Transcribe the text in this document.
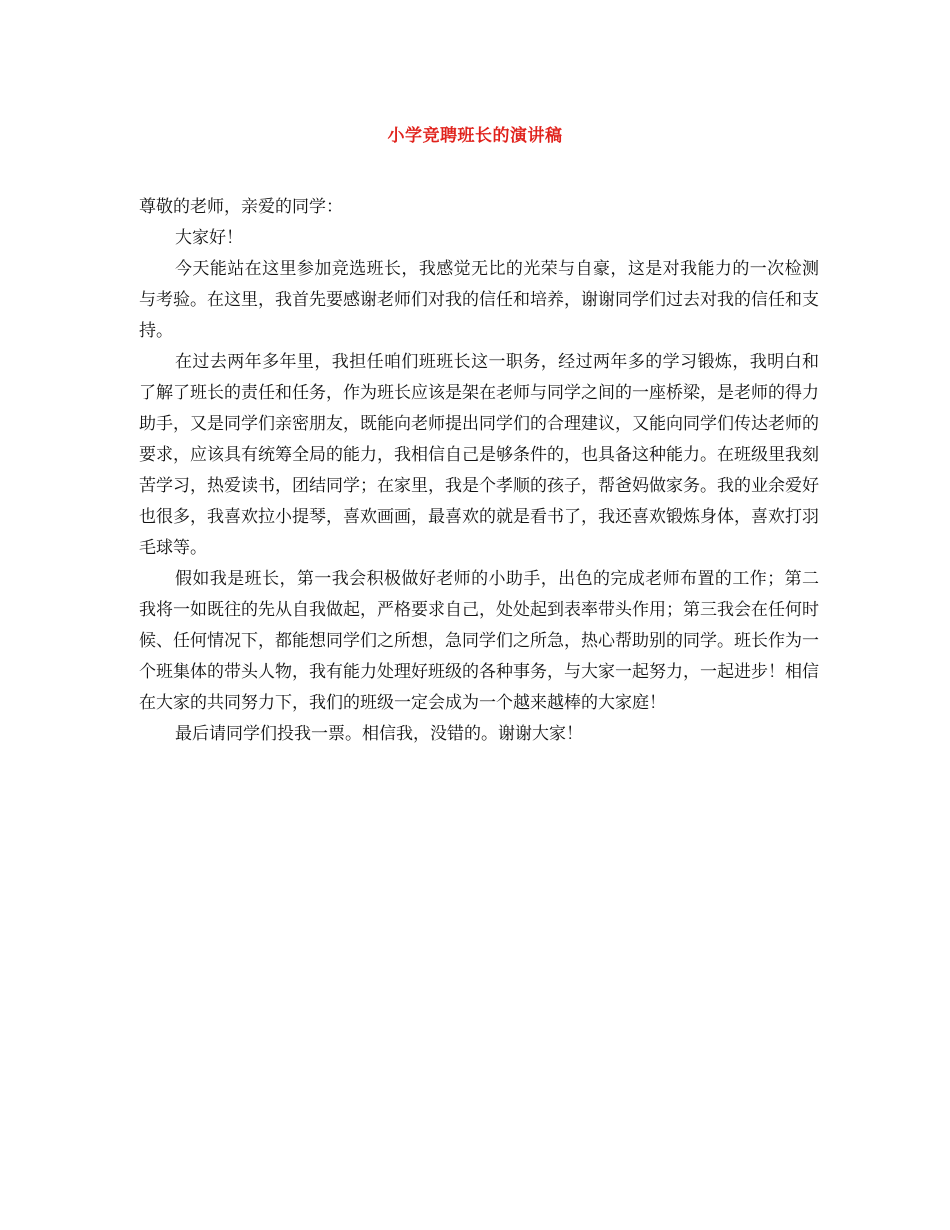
小学竞聘班长的演讲稿

尊敬的老师，亲爱的同学：

大家好！

今天能站在这里参加竞选班长，我感觉无比的光荣与自豪，这是对我能力的一次检测与考验。在这里，我首先要感谢老师们对我的信任和培养，谢谢同学们过去对我的信任和支持。

在过去两年多年里，我担任咱们班班长这一职务，经过两年多的学习锻炼，我明白和了解了班长的责任和任务，作为班长应该是架在老师与同学之间的一座桥梁，是老师的得力助手，又是同学们亲密朋友，既能向老师提出同学们的合理建议，又能向同学们传达老师的要求，应该具有统筹全局的能力，我相信自己是够条件的，也具备这种能力。在班级里我刻苦学习，热爱读书，团结同学；在家里，我是个孝顺的孩子，帮爸妈做家务。我的业余爱好也很多，我喜欢拉小提琴，喜欢画画，最喜欢的就是看书了，我还喜欢锻炼身体，喜欢打羽毛球等。

假如我是班长，第一我会积极做好老师的小助手，出色的完成老师布置的工作；第二我将一如既往的先从自我做起，严格要求自己，处处起到表率带头作用；第三我会在任何时候、任何情况下，都能想同学们之所想，急同学们之所急，热心帮助别的同学。班长作为一个班集体的带头人物，我有能力处理好班级的各种事务，与大家一起努力，一起进步！相信在大家的共同努力下，我们的班级一定会成为一个越来越棒的大家庭！

最后请同学们投我一票。相信我，没错的。谢谢大家！
